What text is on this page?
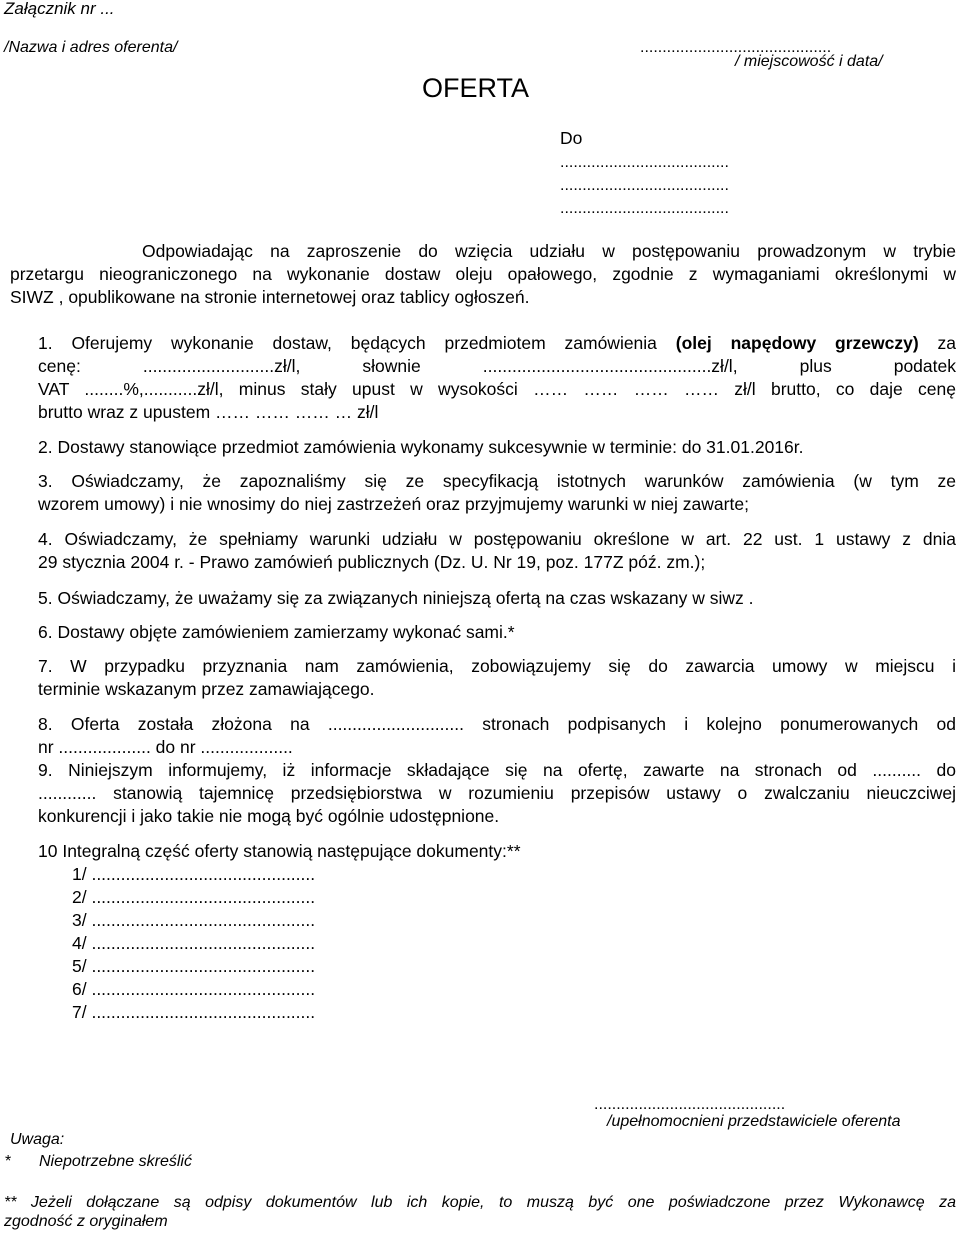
Załącznik nr ...
/Nazwa i adres oferenta/	...........................................
/ miejscowość i data/
OFERTA
Do
......................................
......................................
......................................
Odpowiadając na zaproszenie do wzięcia udziału w postępowaniu prowadzonym w trybie
przetargu nieograniczonego na wykonanie dostaw oleju opałowego, zgodnie z wymaganiami określonymi w
SIWZ , opublikowane na stronie internetowej oraz tablicy ogłoszeń.
1. Oferujemy wykonanie dostaw, będących przedmiotem zamówienia (olej napędowy grzewczy) za
cenę: ...........................zł/l, słownie ...............................................zł/l, plus podatek
VAT ........%,...........zł/l, minus stały upust w wysokości …… …… …… …… zł/l brutto, co daje cenę
brutto wraz z upustem …… …… …… … zł/l
2. Dostawy stanowiące przedmiot zamówienia wykonamy sukcesywnie w terminie: do 31.01.2016r.
3. Oświadczamy, że zapoznaliśmy się ze specyfikacją istotnych warunków zamówienia (w tym ze
wzorem umowy) i nie wnosimy do niej zastrzeżeń oraz przyjmujemy warunki w niej zawarte;
4. Oświadczamy, że spełniamy warunki udziału w postępowaniu określone w art. 22 ust. 1 ustawy z dnia
29 stycznia 2004 r. - Prawo zamówień publicznych (Dz. U. Nr 19, poz. 177Z póź. zm.);
5. Oświadczamy, że uważamy się za związanych niniejszą ofertą na czas wskazany w siwz .
6. Dostawy objęte zamówieniem zamierzamy wykonać sami.*
7. W przypadku przyznania nam zamówienia, zobowiązujemy się do zawarcia umowy w miejscu i
terminie wskazanym przez zamawiającego.
8. Oferta została złożona na ............................ stronach podpisanych i kolejno ponumerowanych od
nr ................... do nr ...................
9. Niniejszym informujemy, iż informacje składające się na ofertę, zawarte na stronach od .......... do
............ stanowią tajemnicę przedsiębiorstwa w rozumieniu przepisów ustawy o zwalczaniu nieuczciwej
konkurencji i jako takie nie mogą być ogólnie udostępnione.
10 Integralną część oferty stanowią następujące dokumenty:**
1/ ..............................................
2/ ..............................................
3/ ..............................................
4/ ..............................................
5/ ..............................................
6/ ..............................................
7/ ..............................................
...........................................
/upełnomocnieni przedstawiciele oferenta
Uwaga:
* Niepotrzebne skreślić
** Jeżeli dołączane są odpisy dokumentów lub ich kopie, to muszą być one poświadczone przez Wykonawcę za
zgodność z oryginałem
